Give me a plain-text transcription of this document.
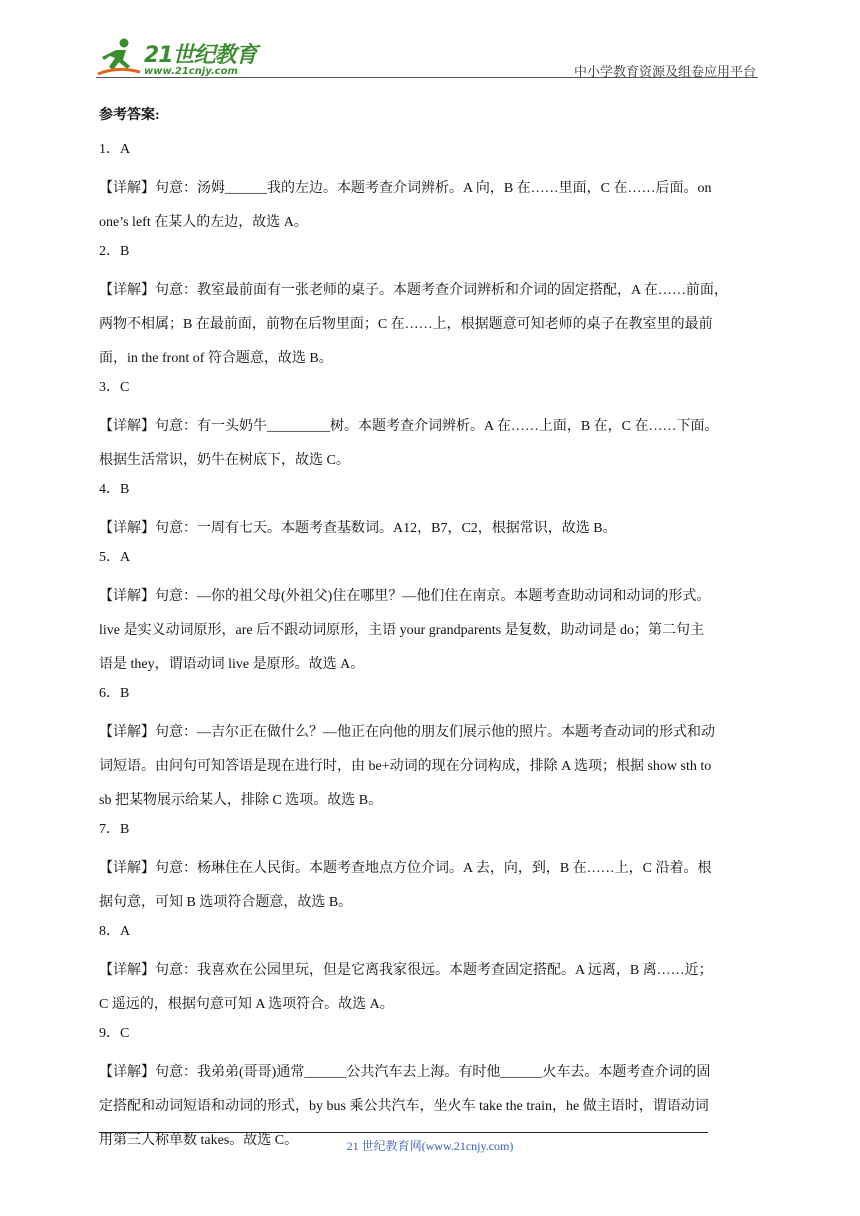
21世纪教育
www.21cnjy.com	中小学教育资源及组卷应用平台
参考答案:
1．A
【详解】句意：汤姆______我的左边。本题考查介词辨析。A 向，B 在……里面，C 在……后面。on
one’s left 在某人的左边，故选 A。
2．B
【详解】句意：教室最前面有一张老师的桌子。本题考查介词辨析和介词的固定搭配，A 在……前面，
两物不相属；B 在最前面，前物在后物里面；C 在……上，根据题意可知老师的桌子在教室里的最前
面，in the front of 符合题意，故选 B。
3．C
【详解】句意：有一头奶牛_________树。本题考查介词辨析。A 在……上面，B 在，C 在……下面。
根据生活常识，奶牛在树底下，故选 C。
4．B
【详解】句意：一周有七天。本题考查基数词。A12，B7，C2，根据常识，故选 B。
5．A
【详解】句意：—你的祖父母(外祖父)住在哪里？—他们住在南京。本题考查助动词和动词的形式。
live 是实义动词原形，are 后不跟动词原形，主语 your grandparents 是复数，助动词是 do；第二句主
语是 they，谓语动词 live 是原形。故选 A。
6．B
【详解】句意：—吉尔正在做什么？—他正在向他的朋友们展示他的照片。本题考查动词的形式和动
词短语。由问句可知答语是现在进行时，由 be+动词的现在分词构成，排除 A 选项；根据 show sth to
sb 把某物展示给某人，排除 C 选项。故选 B。
7．B
【详解】句意：杨琳住在人民街。本题考查地点方位介词。A 去，向，到，B 在……上，C 沿着。根
据句意，可知 B 选项符合题意，故选 B。
8．A
【详解】句意：我喜欢在公园里玩，但是它离我家很远。本题考查固定搭配。A 远离，B 离……近；
C 遥远的，根据句意可知 A 选项符合。故选 A。
9．C
【详解】句意：我弟弟(哥哥)通常______公共汽车去上海。有时他______火车去。本题考查介词的固
定搭配和动词短语和动词的形式，by bus 乘公共汽车，坐火车 take the train，he 做主语时，谓语动词
用第三人称单数 takes。故选 C。	21 世纪教育网(www.21cnjy.com)
